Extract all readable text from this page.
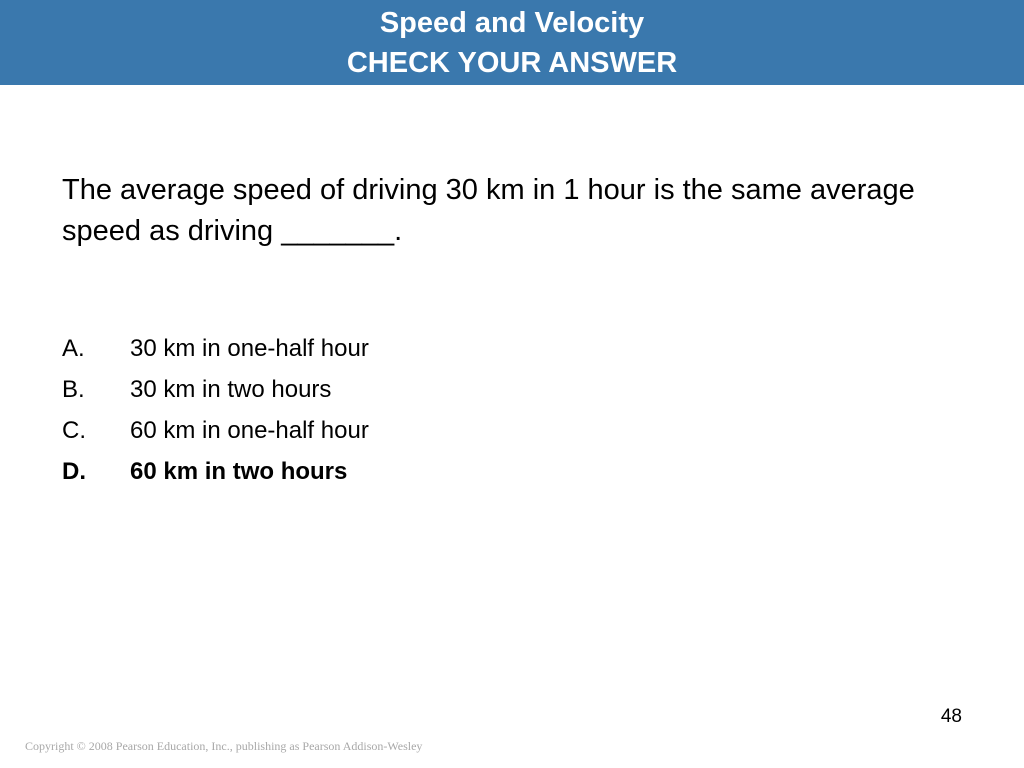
Speed and Velocity
CHECK YOUR ANSWER
The average speed of driving 30 km in 1 hour is the same average speed as driving _______.
A. 30 km in one-half hour
B. 30 km in two hours
C. 60 km in one-half hour
D. 60 km in two hours
48
Copyright © 2008 Pearson Education, Inc., publishing as Pearson Addison-Wesley
